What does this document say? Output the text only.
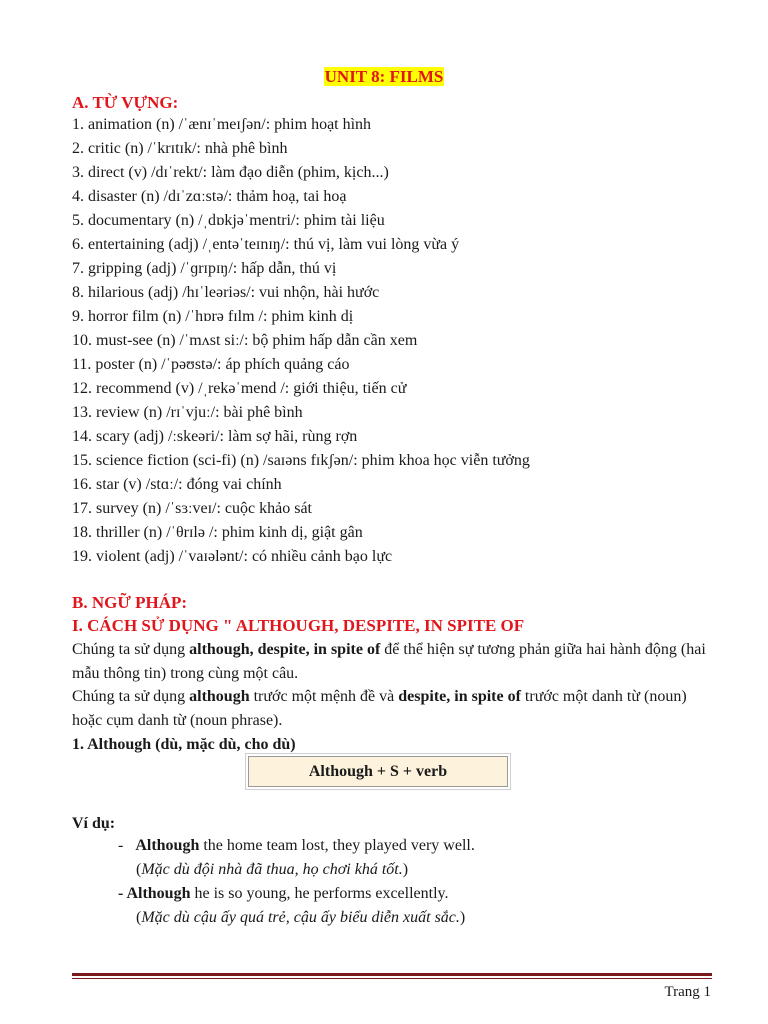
UNIT 8: FILMS
A. TỪ VỰNG:
1. animation (n) /ˈænɪˈmeɪʃən/: phim hoạt hình
2. critic (n) /ˈkrɪtɪk/: nhà phê bình
3. direct (v) /dɪˈrekt/: làm đạo diễn (phim, kịch...)
4. disaster (n) /dɪˈzɑːstə/: thảm hoạ, tai hoạ
5. documentary (n) /ˌdɒkjəˈmentri/: phim tài liệu
6. entertaining (adj) /ˌentəˈteɪnɪŋ/: thú vị, làm vui lòng vừa ý
7. gripping (adj) /ˈɡrɪpɪŋ/: hấp dẫn, thú vị
8. hilarious (adj) /hɪˈleəriəs/: vui nhộn, hài hước
9. horror film (n) /ˈhɒrə fɪlm /: phim kinh dị
10. must-see (n) /ˈmʌst siː/: bộ phim hấp dẫn cần xem
11. poster (n) /ˈpəʊstə/: áp phích quảng cáo
12. recommend (v) /ˌrekəˈmend /: giới thiệu, tiến cử
13. review (n) /rɪˈvjuː/: bài phê bình
14. scary (adj) /ːskeəri/: làm sợ hãi, rùng rợn
15. science fiction (sci-fi) (n) /saɪəns fɪkʃən/: phim khoa học viễn tưởng
16. star (v) /stɑː/: đóng vai chính
17. survey (n) /ˈsɜːveɪ/: cuộc khảo sát
18. thriller (n) /ˈθrɪlə /: phim kinh dị, giật gân
19. violent (adj) /ˈvaɪələnt/: có nhiều cảnh bạo lực
B. NGỮ PHÁP:
I. CÁCH SỬ DỤNG " ALTHOUGH, DESPITE, IN SPITE OF
Chúng ta sử dụng although, despite, in spite of để thể hiện sự tương phản giữa hai hành động (hai mẫu thông tin) trong cùng một câu.
Chúng ta sử dụng although trước một mệnh đề và despite, in spite of trước một danh từ (noun) hoặc cụm danh từ (noun phrase).
1. Although (dù, mặc dù, cho dù)
Although + S + verb
Ví dụ:
- Although the home team lost, they played very well.
(Mặc dù đội nhà đã thua, họ chơi khá tốt.)
- Although he is so young, he performs excellently.
(Mặc dù cậu ấy quá trẻ, cậu ấy biểu diễn xuất sắc.)
Trang 1
